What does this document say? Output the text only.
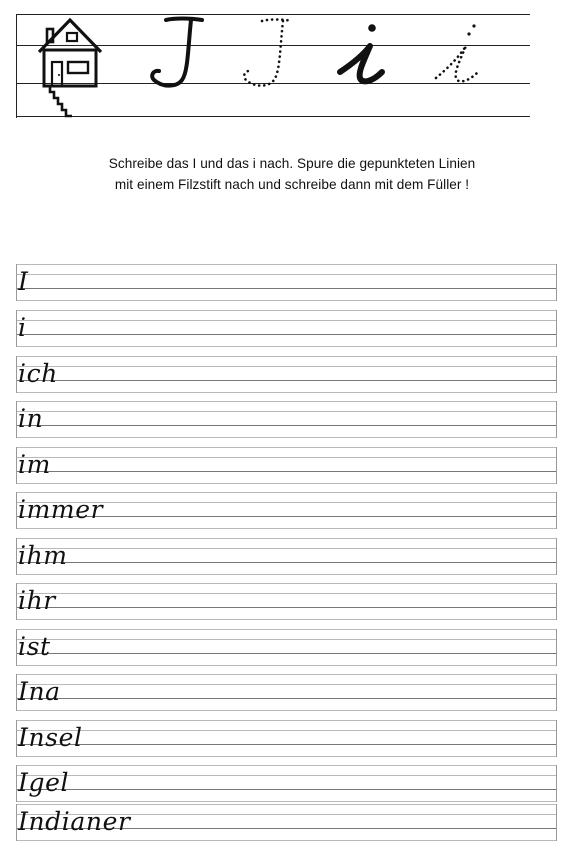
Schreibe das I und das i nach. Spure die gepunkteten Linien
mit einem Filzstift nach und schreibe dann mit dem Füller !
I
i
ich
in
im
immer
ihm
ihr
ist
Ina
Insel
Igel
Indianer
